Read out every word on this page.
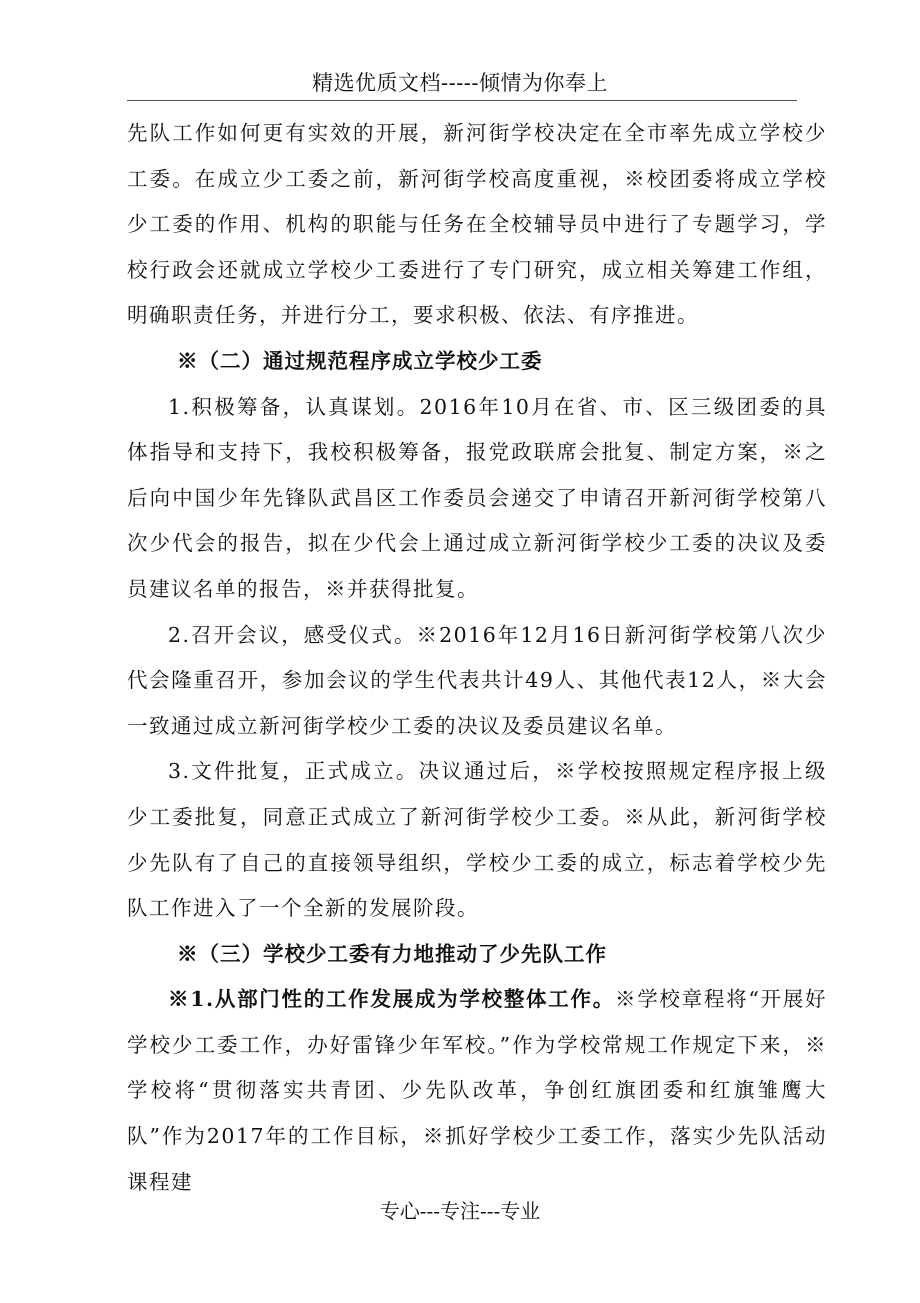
精选优质文档-----倾情为你奉上

先队工作如何更有实效的开展，新河街学校决定在全市率先成立学校少工委。在成立少工委之前，新河街学校高度重视，※校团委将成立学校少工委的作用、机构的职能与任务在全校辅导员中进行了专题学习，学校行政会还就成立学校少工委进行了专门研究，成立相关筹建工作组，明确职责任务，并进行分工，要求积极、依法、有序推进。

※（二）通过规范程序成立学校少工委

1.积极筹备，认真谋划。2016年10月在省、市、区三级团委的具体指导和支持下，我校积极筹备，报党政联席会批复、制定方案，※之后向中国少年先锋队武昌区工作委员会递交了申请召开新河街学校第八次少代会的报告，拟在少代会上通过成立新河街学校少工委的决议及委员建议名单的报告，※并获得批复。

2.召开会议，感受仪式。※2016年12月16日新河街学校第八次少代会隆重召开，参加会议的学生代表共计49人、其他代表12人，※大会一致通过成立新河街学校少工委的决议及委员建议名单。

3.文件批复，正式成立。决议通过后，※学校按照规定程序报上级少工委批复，同意正式成立了新河街学校少工委。※从此，新河街学校少先队有了自己的直接领导组织，学校少工委的成立，标志着学校少先队工作进入了一个全新的发展阶段。

※（三）学校少工委有力地推动了少先队工作

※1.从部门性的工作发展成为学校整体工作。※学校章程将“开展好学校少工委工作，办好雷锋少年军校。”作为学校常规工作规定下来，※学校将“贯彻落实共青团、少先队改革，争创红旗团委和红旗雏鹰大队”作为2017年的工作目标，※抓好学校少工委工作，落实少先队活动课程建

专心---专注---专业
